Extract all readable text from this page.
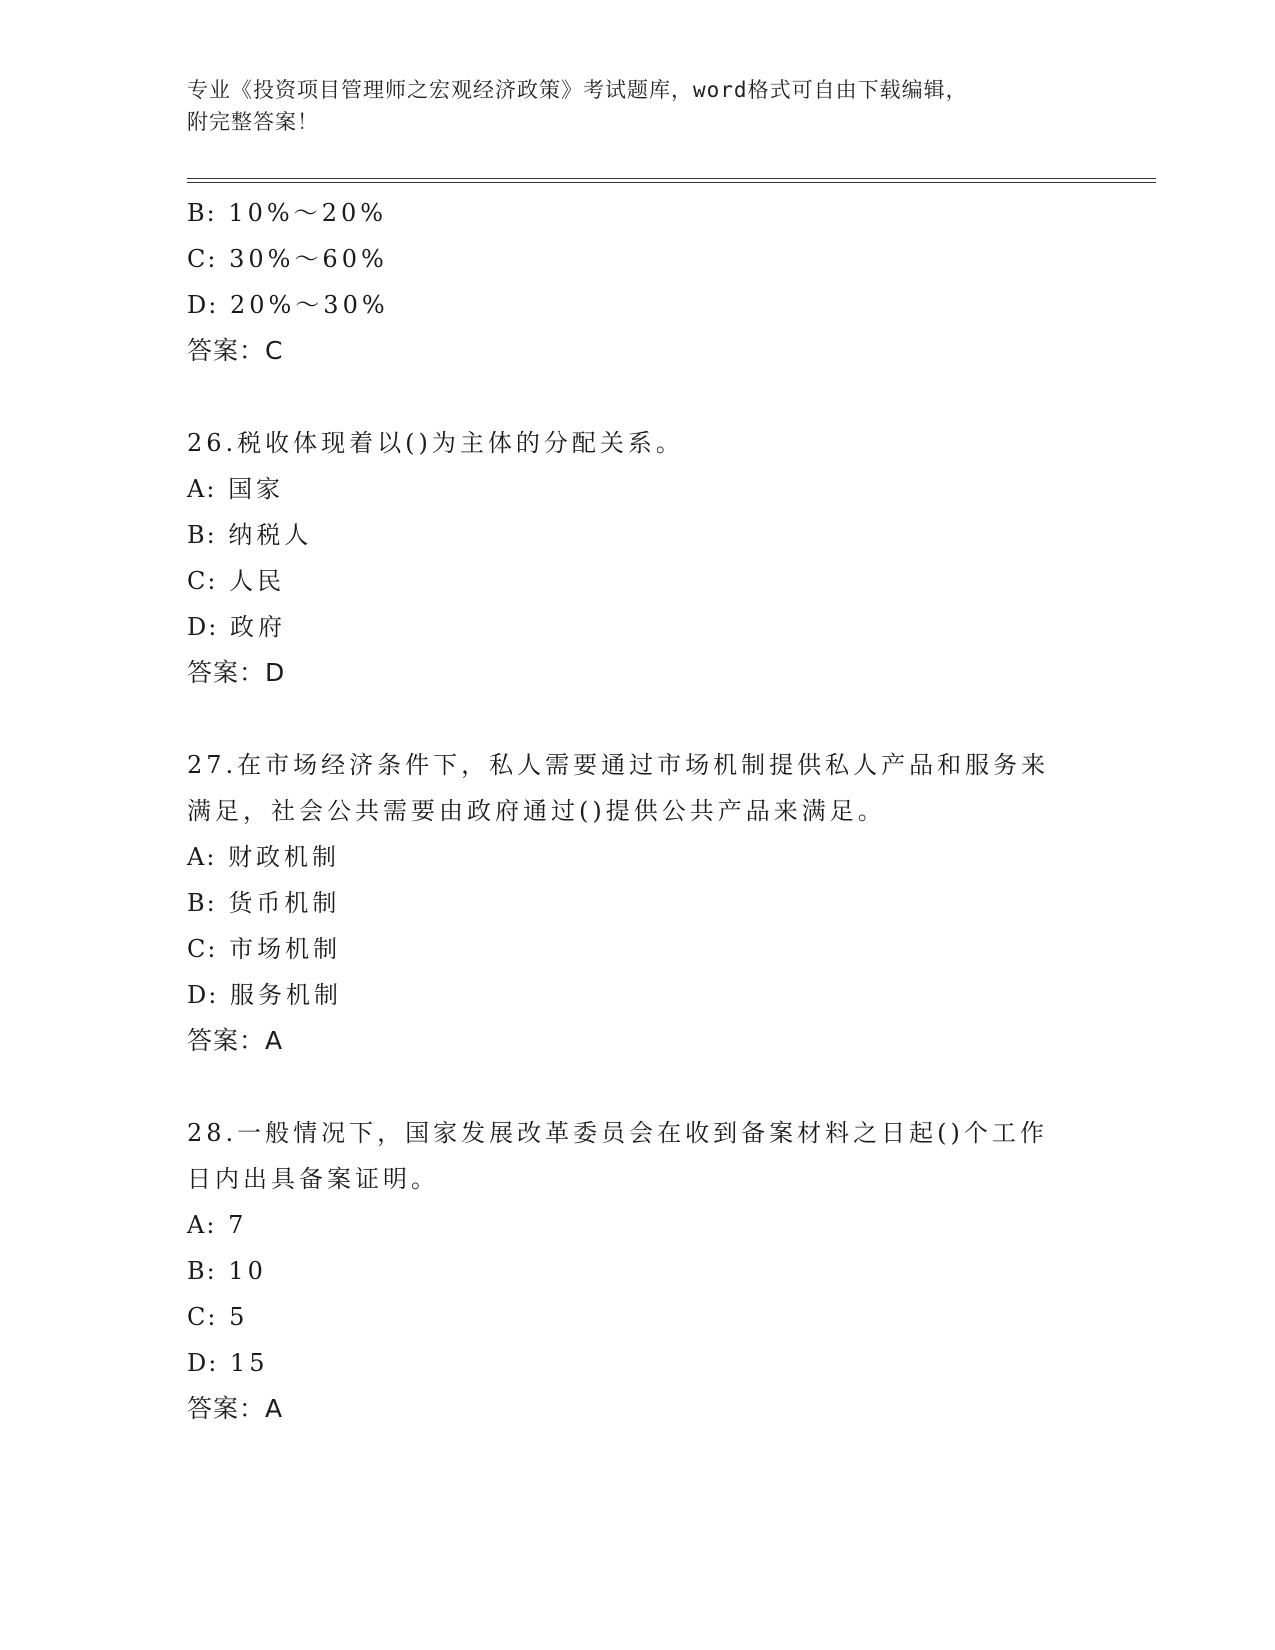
专业《投资项目管理师之宏观经济政策》考试题库，word格式可自由下载编辑，
附完整答案！
B: 10%～20%
C: 30%～60%
D: 20%～30%
答案：C
26.税收体现着以()为主体的分配关系。
A: 国家
B: 纳税人
C: 人民
D: 政府
答案：D
27.在市场经济条件下，私人需要通过市场机制提供私人产品和服务来
满足，社会公共需要由政府通过()提供公共产品来满足。
A: 财政机制
B: 货币机制
C: 市场机制
D: 服务机制
答案：A
28.一般情况下，国家发展改革委员会在收到备案材料之日起()个工作
日内出具备案证明。
A: 7
B: 10
C: 5
D: 15
答案：A
